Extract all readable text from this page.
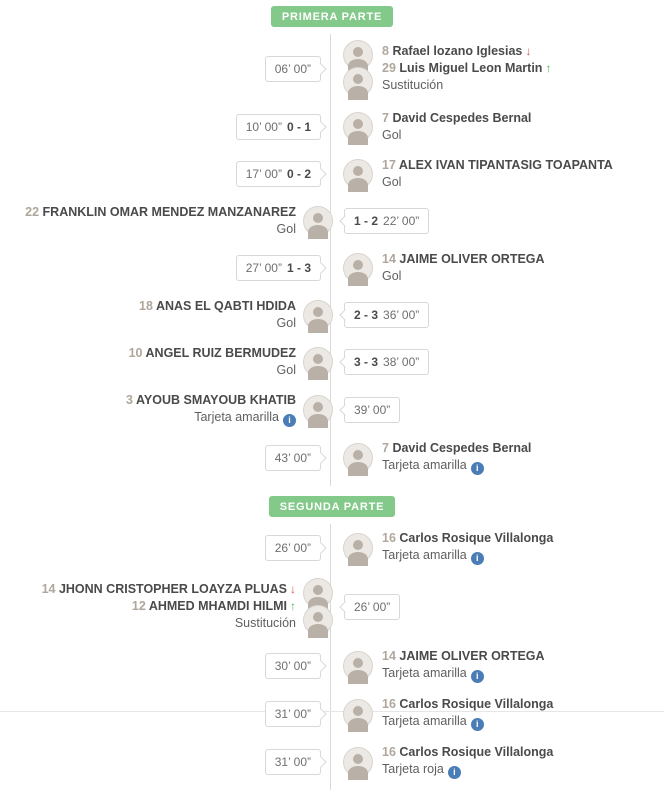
PRIMERA PARTE
06’ 00”
8 Rafael lozano Iglesias ↓
29 Luis Miguel Leon Martin ↑
Sustitución
10’ 00” 0 - 1
7 David Cespedes Bernal
Gol
17’ 00” 0 - 2
17 ALEX IVAN TIPANTASIG TOAPANTA
Gol
22 FRANKLIN OMAR MENDEZ MANZANAREZ
Gol
1 - 2 22’ 00”
27’ 00” 1 - 3
14 JAIME OLIVER ORTEGA
Gol
18 ANAS EL QABTI HDIDA
Gol
2 - 3 36’ 00”
10 ANGEL RUIZ BERMUDEZ
Gol
3 - 3 38’ 00”
3 AYOUB SMAYOUB KHATIB
Tarjeta amarilla i
39’ 00”
43’ 00”
7 David Cespedes Bernal
Tarjeta amarilla i
SEGUNDA PARTE
26’ 00”
16 Carlos Rosique Villalonga
Tarjeta amarilla i
14 JHONN CRISTOPHER LOAYZA PLUAS ↓
12 AHMED MHAMDI HILMI ↑
Sustitución
26’ 00”
30’ 00”
14 JAIME OLIVER ORTEGA
Tarjeta amarilla i
31’ 00”
16 Carlos Rosique Villalonga
Tarjeta amarilla i
31’ 00”
16 Carlos Rosique Villalonga
Tarjeta roja i
